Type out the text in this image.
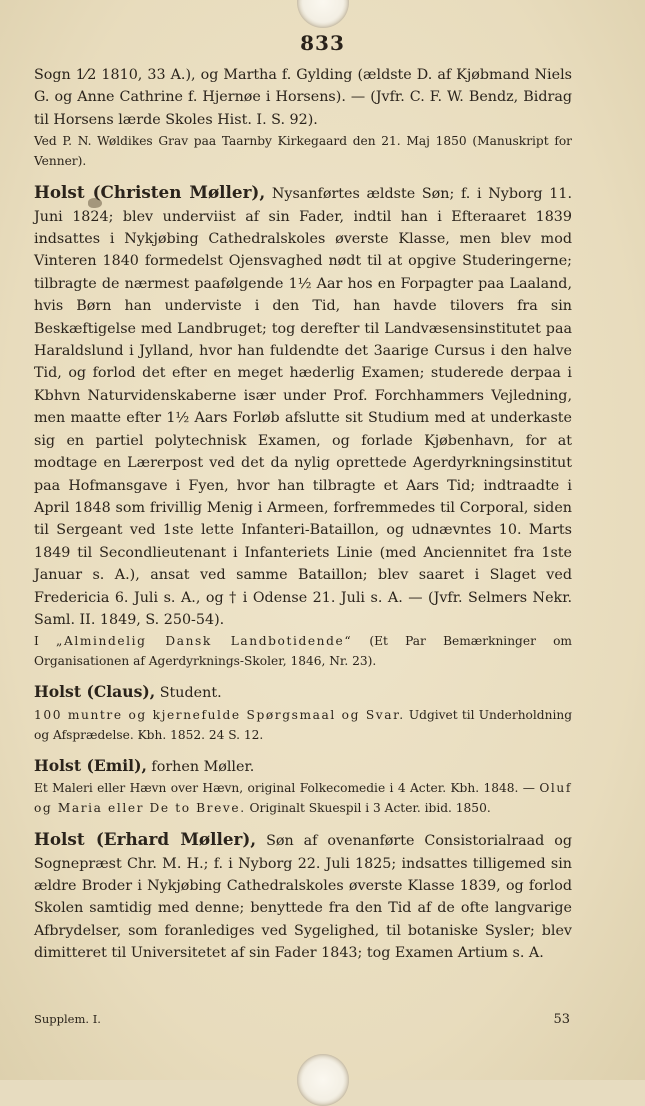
833

Sogn 1⁄2 1810, 33 A.), og Martha f. Gylding (ældste D. af Kjøbmand Niels G. og Anne Cathrine f. Hjernøe i Horsens). — (Jvfr. C. F. W. Bendz, Bidrag til Horsens lærde Skoles Hist. I. S. 92).

Ved P. N. Wøldikes Grav paa Taarnby Kirkegaard den 21. Maj 1850 (Manuskript for Venner).

Holst (Christen Møller), Nysanførtes ældste Søn; f. i Nyborg 11. Juni 1824; blev underviist af sin Fader, indtil han i Efteraaret 1839 indsattes i Nykjøbing Cathedralskoles øverste Klasse, men blev mod Vinteren 1840 formedelst Ojensvaghed nødt til at opgive Studeringerne; tilbragte de nærmest paafølgende 1½ Aar hos en Forpagter paa Laaland, hvis Børn han underviste i den Tid, han havde tilovers fra sin Beskæftigelse med Landbruget; tog derefter til Landvæsensinstitutet paa Haraldslund i Jylland, hvor han fuldendte det 3aarige Cursus i den halve Tid, og forlod det efter en meget hæderlig Examen; studerede derpaa i Kbhvn Naturvidenskaberne især under Prof. Forchhammers Vejledning, men maatte efter 1½ Aars Forløb afslutte sit Studium med at underkaste sig en partiel polytechnisk Examen, og forlade Kjøbenhavn, for at modtage en Lærerpost ved det da nylig oprettede Agerdyrkningsinstitut paa Hofmansgave i Fyen, hvor han tilbragte et Aars Tid; indtraadte i April 1848 som frivillig Menig i Armeen, forfremmedes til Corporal, siden til Sergeant ved 1ste lette Infanteri-Bataillon, og udnævntes 10. Marts 1849 til Secondlieutenant i Infanteriets Linie (med Anciennitet fra 1ste Januar s. A.), ansat ved samme Bataillon; blev saaret i Slaget ved Fredericia 6. Juli s. A., og † i Odense 21. Juli s. A. — (Jvfr. Selmers Nekr. Saml. II. 1849, S. 250-54).

I „Almindelig Dansk Landbotidende“ (Et Par Bemærkninger om Organisationen af Agerdyrknings-Skoler, 1846, Nr. 23).

Holst (Claus), Student.

100 muntre og kjernefulde Spørgsmaal og Svar. Udgivet til Underholdning og Afsprædelse. Kbh. 1852. 24 S. 12.

Holst (Emil), forhen Møller.

Et Maleri eller Hævn over Hævn, original Folkecomedie i 4 Acter. Kbh. 1848. — Oluf og Maria eller De to Breve. Originalt Skuespil i 3 Acter. ibid. 1850.

Holst (Erhard Møller), Søn af ovenanførte Consistorialraad og Sognepræst Chr. M. H.; f. i Nyborg 22. Juli 1825; indsattes tilligemed sin ældre Broder i Nykjøbing Cathedralskoles øverste Klasse 1839, og forlod Skolen samtidig med denne; benyttede fra den Tid af de ofte langvarige Afbrydelser, som foranlediges ved Sygelighed, til botaniske Sysler; blev dimitteret til Universitetet af sin Fader 1843; tog Examen Artium s. A.

Supplem. I.	53
